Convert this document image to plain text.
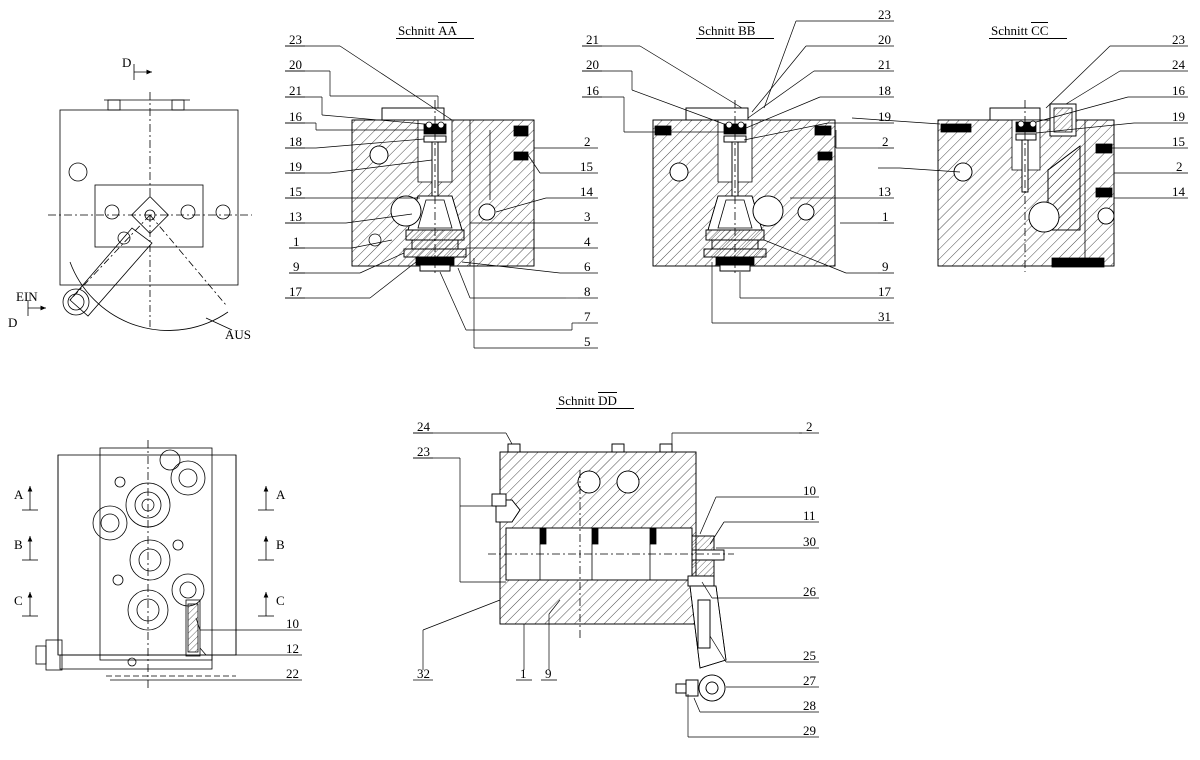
Schnitt AA	Schnitt BB	Schnitt CC
Schnitt DD
EIN
AUS
D
D
A	A
B	B
C	C
23
20
21
16
18
19
15
13
1
9
17
2
15
14
3
4
6
8
7
5
21
20
16
23
20
21
18
19
2
13
1
9
17
31
23
24
16
19
15
2
14
10
12
22
24
23
32	1 9
2
10
11
30
26
25
27
28
29
